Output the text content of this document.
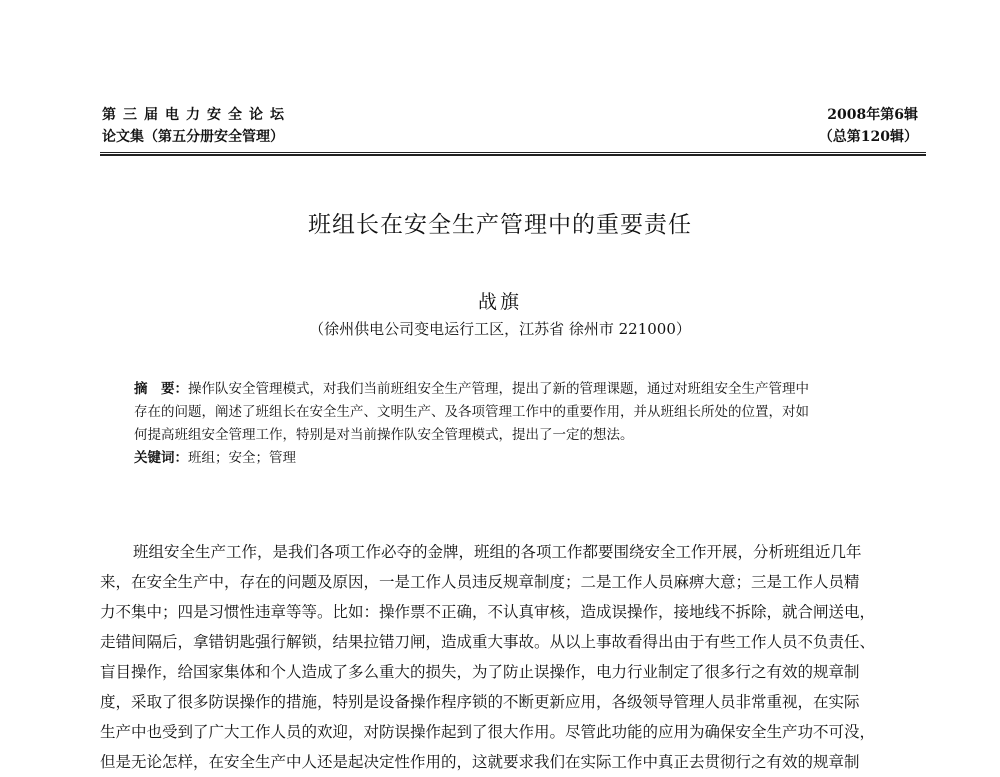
第三届电力安全论坛
论文集（第五分册安全管理）
2008年第6辑
（总第120辑）
班组长在安全生产管理中的重要责任
战旗
（徐州供电公司变电运行工区，江苏省 徐州市 221000）
摘　要：操作队安全管理模式，对我们当前班组安全生产管理，提出了新的管理课题，通过对班组安全生产管理中
存在的问题，阐述了班组长在安全生产、文明生产、及各项管理工作中的重要作用，并从班组长所处的位置，对如
何提高班组安全管理工作，特别是对当前操作队安全管理模式，提出了一定的想法。
关键词：班组；安全；管理
班组安全生产工作，是我们各项工作必夺的金牌，班组的各项工作都要围绕安全工作开展，分析班组近几年
来，在安全生产中，存在的问题及原因，一是工作人员违反规章制度；二是工作人员麻痹大意；三是工作人员精
力不集中；四是习惯性违章等等。比如：操作票不正确，不认真审核，造成误操作，接地线不拆除，就合闸送电，
走错间隔后，拿错钥匙强行解锁，结果拉错刀闸，造成重大事故。从以上事故看得出由于有些工作人员不负责任、
盲目操作，给国家集体和个人造成了多么重大的损失，为了防止误操作，电力行业制定了很多行之有效的规章制
度，采取了很多防误操作的措施，特别是设备操作程序锁的不断更新应用，各级领导管理人员非常重视，在实际
生产中也受到了广大工作人员的欢迎，对防误操作起到了很大作用。尽管此功能的应用为确保安全生产功不可没，
但是无论怎样，在安全生产中人还是起决定性作用的，这就要求我们在实际工作中真正去贯彻行之有效的规章制
